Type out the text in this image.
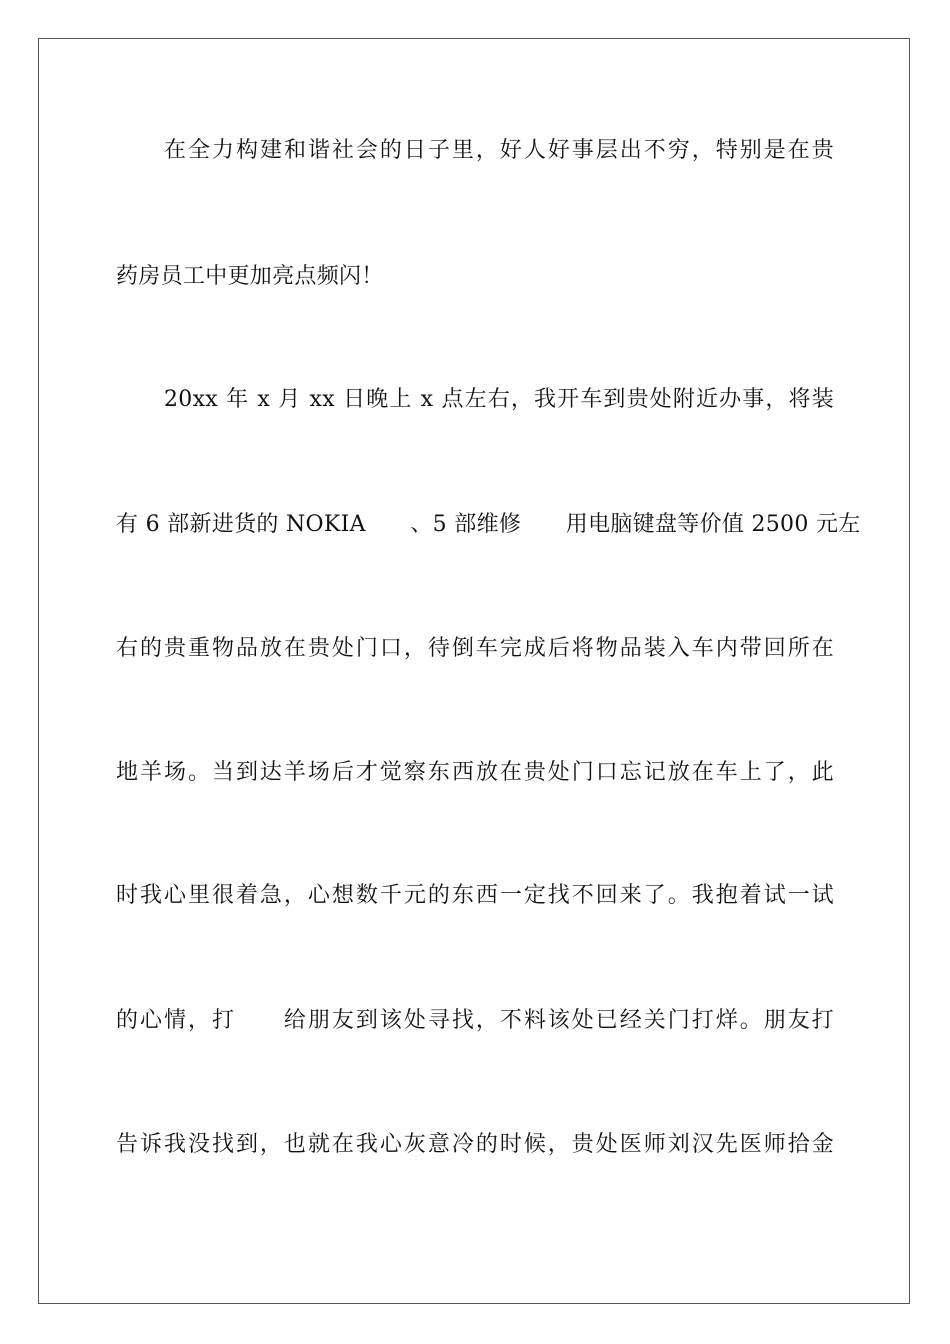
在全力构建和谐社会的日子里，好人好事层出不穷，特别是在贵
药房员工中更加亮点频闪！
20xx 年 x 月 xx 日晚上 x 点左右，我开车到贵处附近办事，将装
有 6 部新进货的 NOKIA　　、5 部维修　　用电脑键盘等价值 2500 元左
右的贵重物品放在贵处门口，待倒车完成后将物品装入车内带回所在
地羊场。当到达羊场后才觉察东西放在贵处门口忘记放在车上了，此
时我心里很着急，心想数千元的东西一定找不回来了。我抱着试一试
的心情，打　　给朋友到该处寻找，不料该处已经关门打烊。朋友打
告诉我没找到，也就在我心灰意冷的时候，贵处医师刘汉先医师拾金
